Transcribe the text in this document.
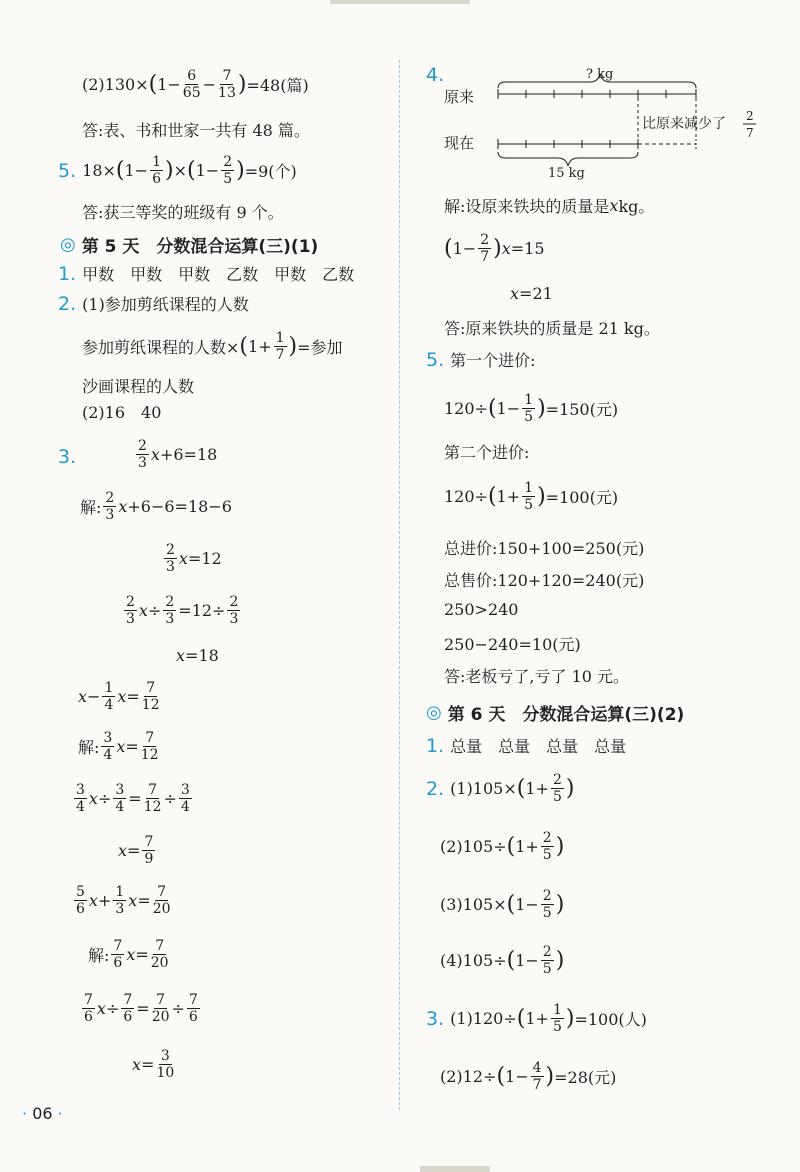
(2)130× ( $1- \frac{6}{65} - \frac{7}{13}$ ) =48(篇)
答:表、书和世家一共有 48 篇。
5. 18× ( $1- \frac{1}{6}$ ) × ( $1- \frac{2}{5}$ ) =9(个)
答:获三等奖的班级有 9 个。
◎ 第 5 天　分数混合运算(三)(1)
1. 甲数　甲数　甲数　乙数　甲数　乙数
2. (1)参加剪纸课程的人数
参加剪纸课程的人数× ( $1+ \frac{1}{7}$ ) =参加
沙画课程的人数
(2)16　40
3.	$\frac{2}{3}$ x +6=18
解: $\frac{2}{3}$ x +6−6=18−6
$\frac{2}{3}$ x =12
$\frac{2}{3}$ $x \div \frac{2}{3} =12\div \frac{2}{3}$
x =18
$x - \frac{1}{4}$ $x = \frac{7}{12}$
解: $\frac{3}{4}$ $x = \frac{7}{12}$
$\frac{3}{4}$ $x \div \frac{3}{4} = \frac{7}{12} \div \frac{3}{4}$
$x = \frac{7}{9}$
$\frac{5}{6}$ $x + \frac{1}{3}$ $x = \frac{7}{20}$
解: $\frac{7}{6}$ $x = \frac{7}{20}$
$\frac{7}{6}$ $x \div \frac{7}{6} = \frac{7}{20} \div \frac{7}{6}$
$x = \frac{3}{10}$
4.
原来
现在
? kg
15 kg
比原来减少了 2
7
解:设原来铁块的质量是 x kg。
( $1- \frac{2}{7}$ ) x =15
x =21
答:原来铁块的质量是 21 kg。
5. 第一个进价:
120÷ ( $1- \frac{1}{5}$ ) =150(元)
第二个进价:
120÷ ( $1+ \frac{1}{5}$ ) =100(元)
总进价:150+100=250(元)
总售价:120+120=240(元)
250>240
250−240=10(元)
答:老板亏了,亏了 10 元。
◎ 第 6 天　分数混合运算(三)(2)
1. 总量　总量　总量　总量
2. (1)105× ( $1+ \frac{2}{5}$ )
(2)105÷ ( $1+ \frac{2}{5}$ )
(3)105× ( $1- \frac{2}{5}$ )
(4)105÷ ( $1- \frac{2}{5}$ )
3. (1)120÷ ( $1+ \frac{1}{5}$ ) =100(人)
(2)12÷ ( $1- \frac{4}{7}$ ) =28(元)
· 06 ·
